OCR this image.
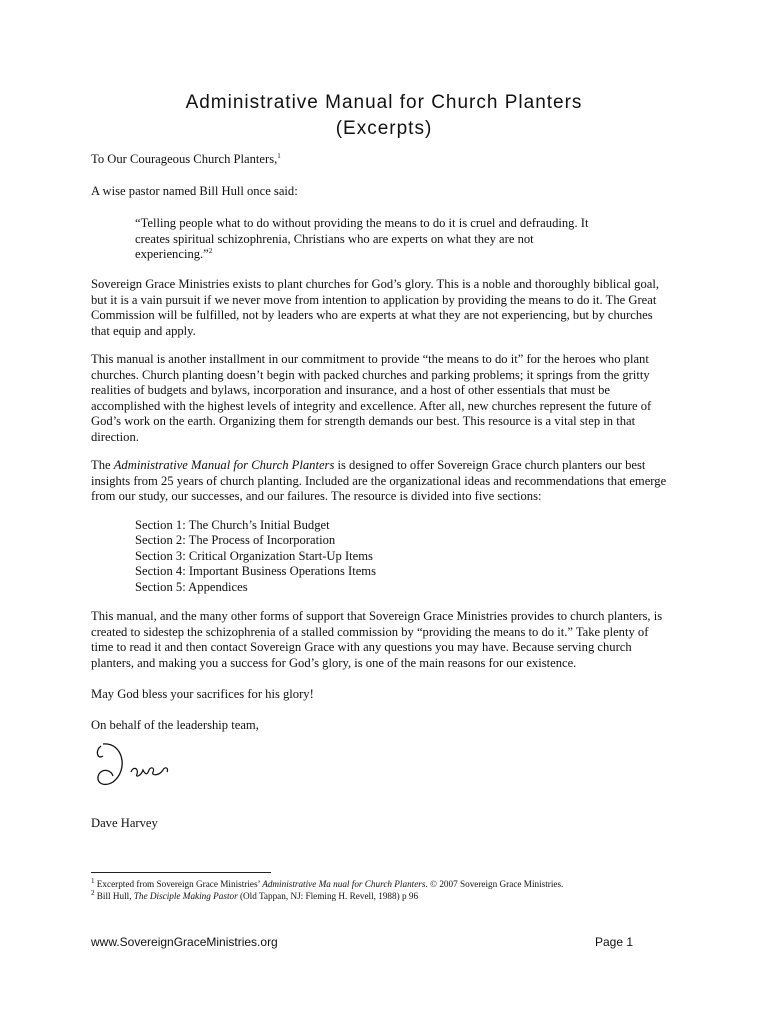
Administrative Manual for Church Planters
(Excerpts)

To Our Courageous Church Planters,$^1$

A wise pastor named Bill Hull once said:

“Telling people what to do without providing the means to do it is cruel and defrauding. It creates spiritual schizophrenia, Christians who are experts on what they are not experiencing.”$^2$

Sovereign Grace Ministries exists to plant churches for God’s glory. This is a noble and thoroughly biblical goal, but it is a vain pursuit if we never move from intention to application by providing the means to do it. The Great Commission will be fulfilled, not by leaders who are experts at what they are not experiencing, but by churches that equip and apply.

This manual is another installment in our commitment to provide “the means to do it” for the heroes who plant churches. Church planting doesn’t begin with packed churches and parking problems; it springs from the gritty realities of budgets and bylaws, incorporation and insurance, and a host of other essentials that must be accomplished with the highest levels of integrity and excellence. After all, new churches represent the future of God’s work on the earth. Organizing them for strength demands our best. This resource is a vital step in that direction.

The Administrative Manual for Church Planters is designed to offer Sovereign Grace church planters our best insights from 25 years of church planting. Included are the organizational ideas and recommendations that emerge from our study, our successes, and our failures. The resource is divided into five sections:

Section 1: The Church’s Initial Budget
Section 2: The Process of Incorporation
Section 3: Critical Organization Start-Up Items
Section 4: Important Business Operations Items
Section 5: Appendices

This manual, and the many other forms of support that Sovereign Grace Ministries provides to church planters, is created to sidestep the schizophrenia of a stalled commission by “providing the means to do it.” Take plenty of time to read it and then contact Sovereign Grace with any questions you may have. Because serving church planters, and making you a success for God’s glory, is one of the main reasons for our existence.

May God bless your sacrifices for his glory!

On behalf of the leadership team,

Dave Harvey

$^1$ Excerpted from Sovereign Grace Ministries’ Administrative Ma nual for Church Planters. © 2007 Sovereign Grace Ministries.

$^2$ Bill Hull, The Disciple Making Pastor (Old Tappan, NJ: Fleming H. Revell, 1988) p 96

www.SovereignGraceMinistries.org	Page 1
